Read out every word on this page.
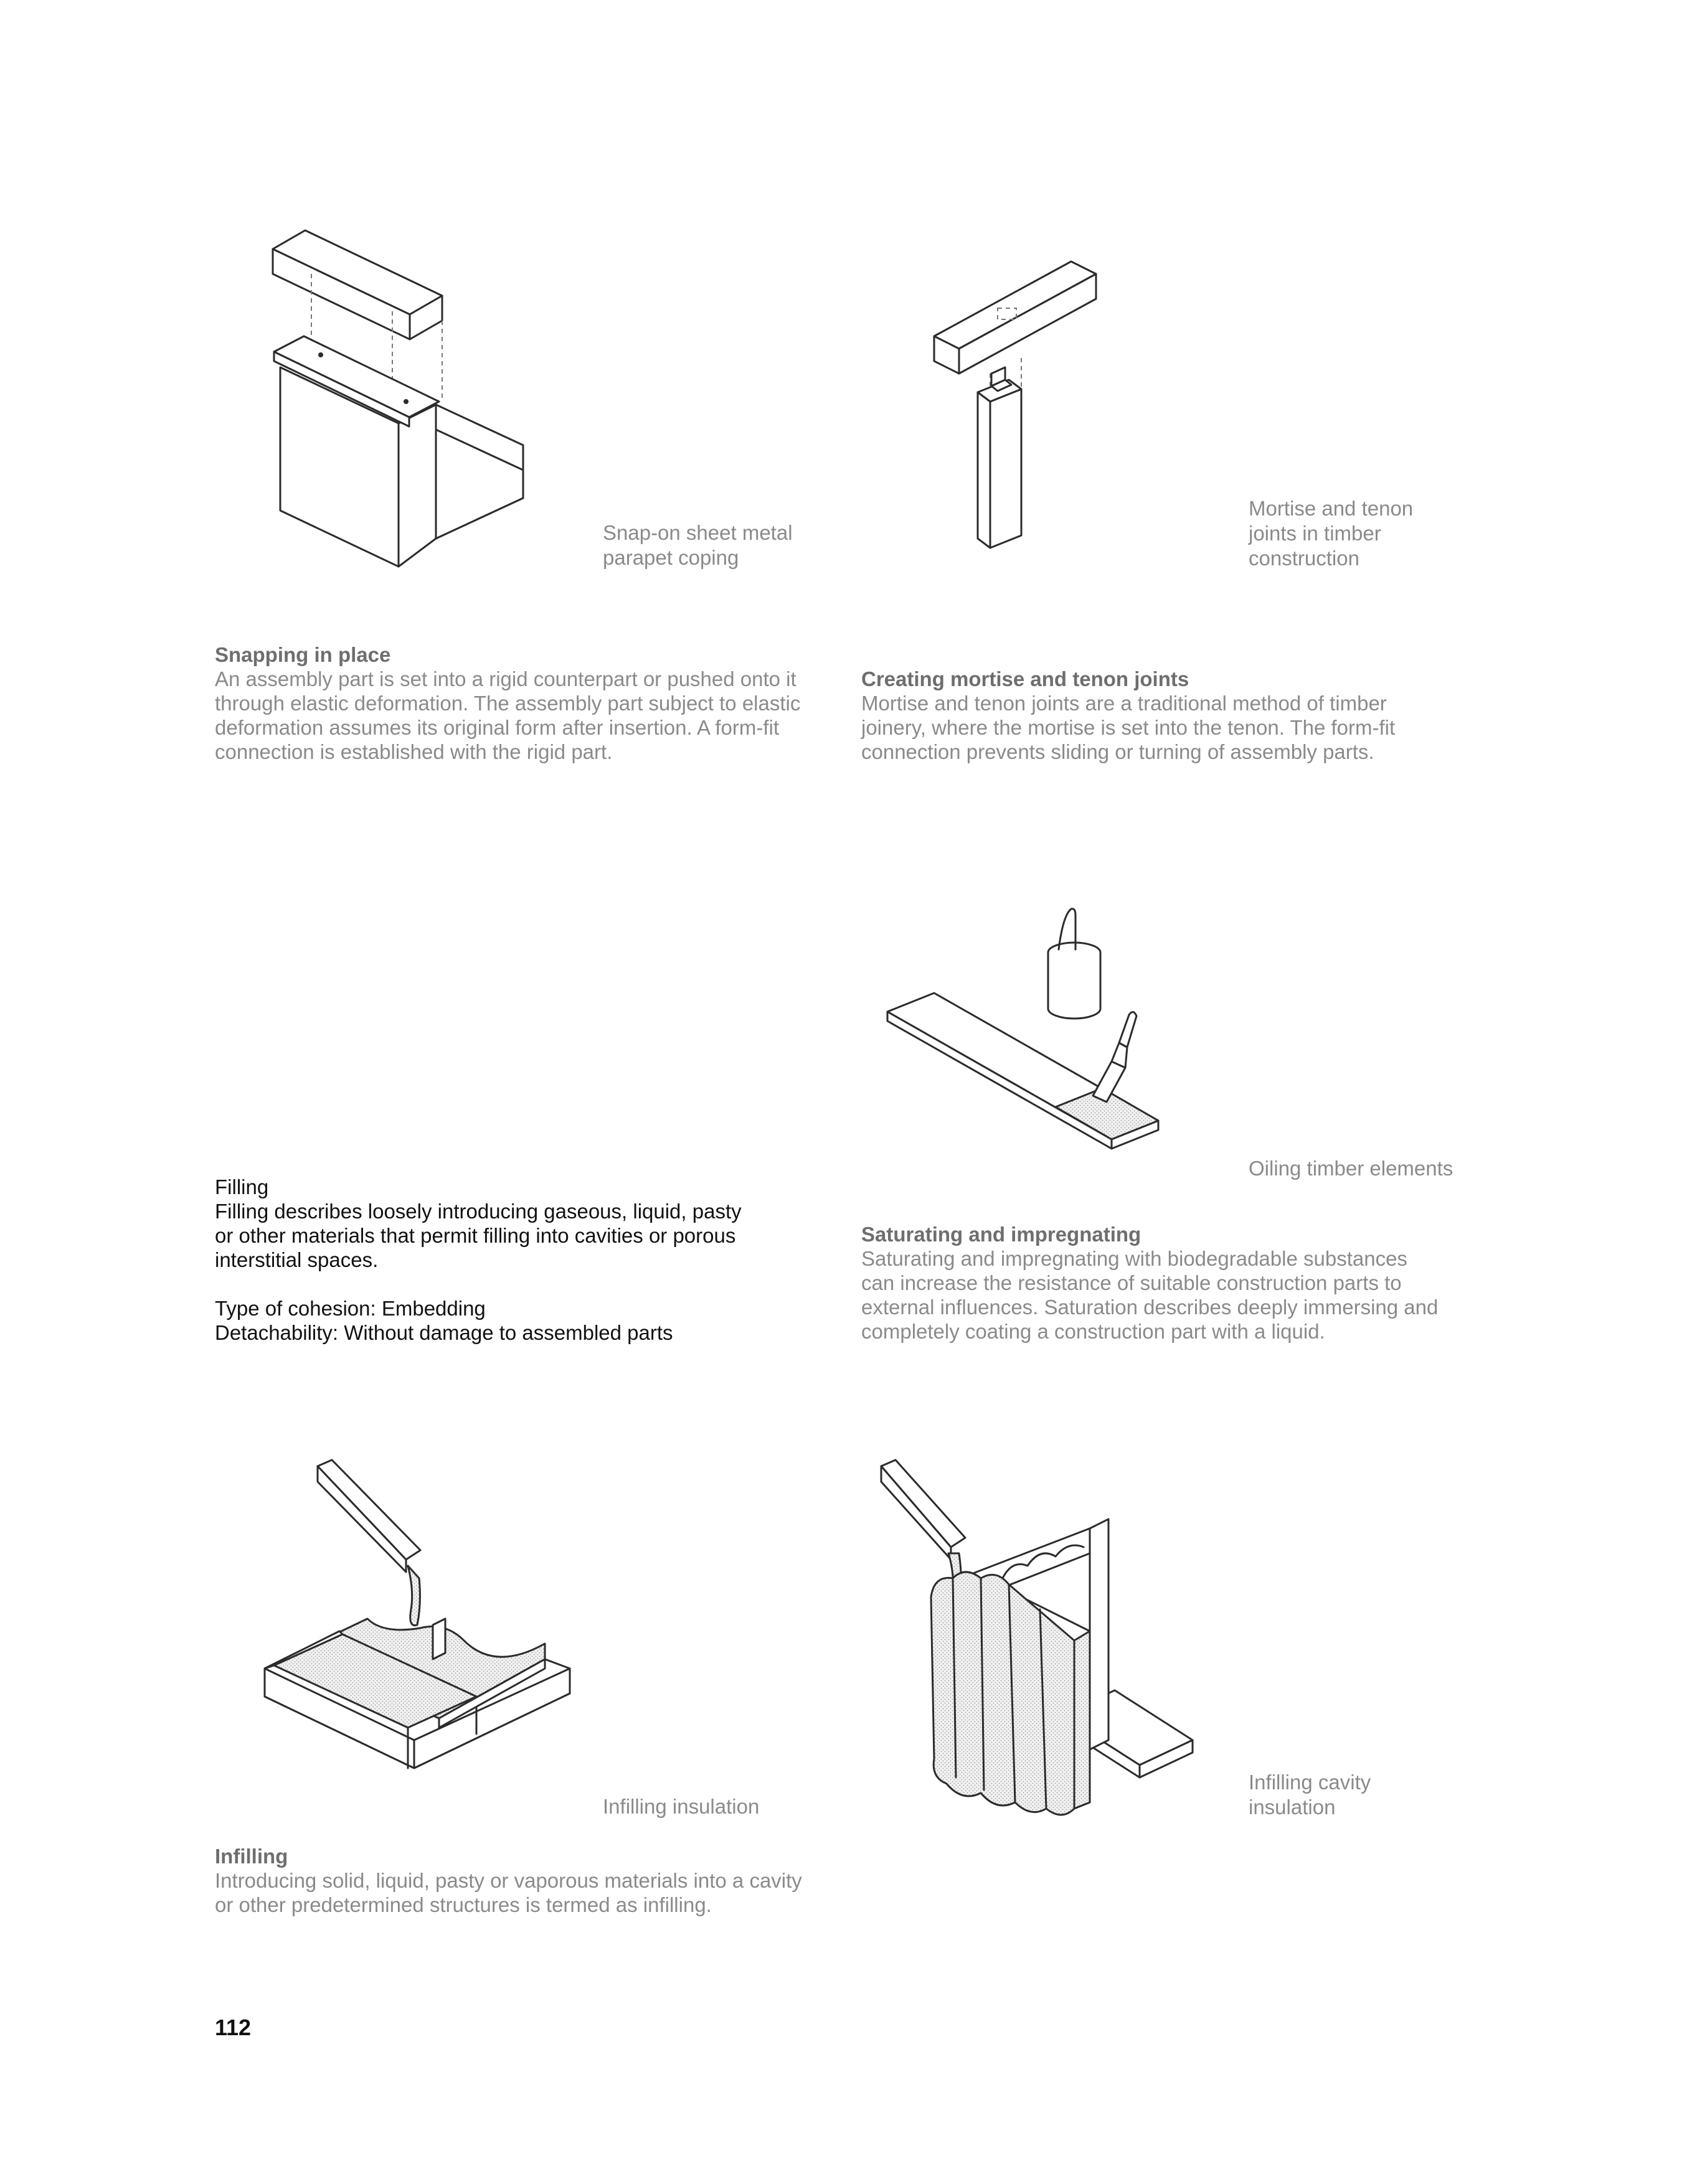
Snap-on sheet metal
parapet coping

Mortise and tenon
joints in timber
construction

Snapping in place

An assembly part is set into a rigid counterpart or pushed onto it
through elastic deformation. The assembly part subject to elastic
deformation assumes its original form after insertion. A form-fit
connection is established with the rigid part.

Creating mortise and tenon joints

Mortise and tenon joints are a traditional method of timber
joinery, where the mortise is set into the tenon. The form-fit
connection prevents sliding or turning of assembly parts.

Oiling timber elements

Filling

Filling describes loosely introducing gaseous, liquid, pasty
or other materials that permit filling into cavities or porous
interstitial spaces.

Type of cohesion: Embedding

Detachability: Without damage to assembled parts

Saturating and impregnating

Saturating and impregnating with biodegradable substances
can increase the resistance of suitable construction parts to
external influences. Saturation describes deeply immersing and
completely coating a construction part with a liquid.

Infilling insulation

Infilling cavity
insulation

Infilling

Introducing solid, liquid, pasty or vaporous materials into a cavity
or other predetermined structures is termed as infilling.

112
